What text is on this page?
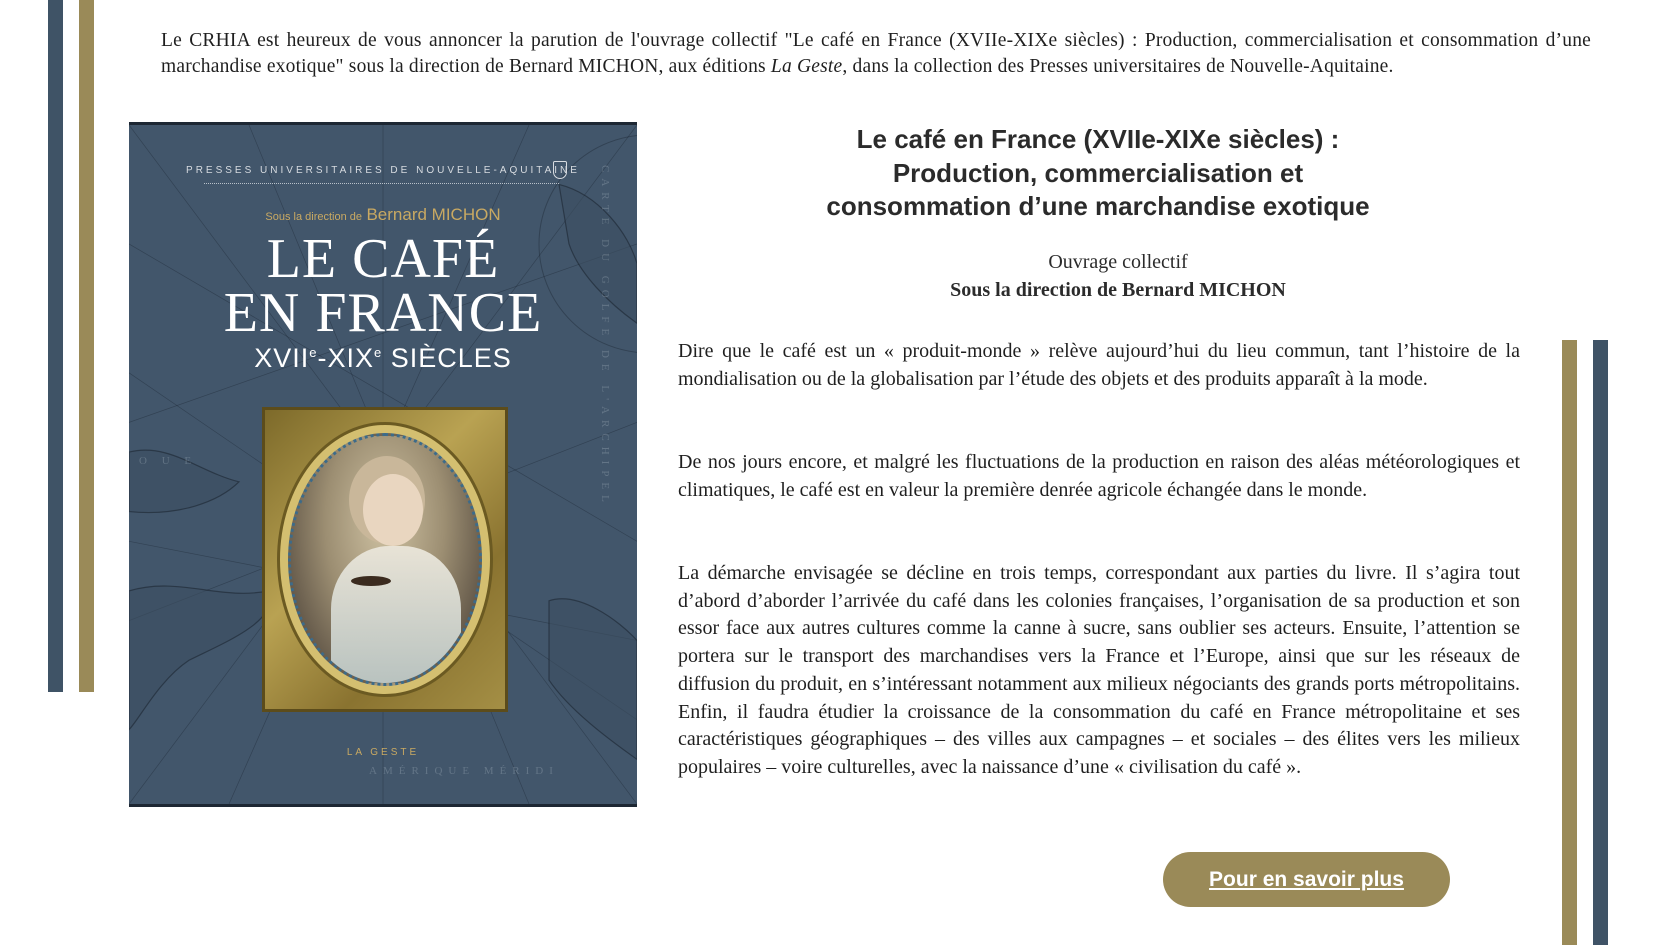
Le CRHIA est heureux de vous annoncer la parution de l'ouvrage collectif "Le café en France (XVIIe-XIXe siècles) : Production, commercialisation et consommation d’une marchandise exotique" sous la direction de Bernard MICHON, aux éditions La Geste, dans la collection des Presses universitaires de Nouvelle-Aquitaine.

O U E	CARTE DU GOLFE DE L'ARCHIPEL
AMÉRIQUE MÉRIDI
PRESSES UNIVERSITAIRES DE NOUVELLE-AQUITAINE
Sous la direction de Bernard MICHON
LE CAFÉ
EN FRANCE
XVIIe-XIXe SIÈCLES
LA GESTE
Le café en France (XVIIe-XIXe siècles) :
Production, commercialisation et
consommation d’une marchandise exotique
Ouvrage collectif
Sous la direction de Bernard MICHON

Dire que le café est un « produit-monde » relève aujourd’hui du lieu commun, tant l’histoire de la mondialisation ou de la globalisation par l’étude des objets et des produits apparaît à la mode.

De nos jours encore, et malgré les fluctuations de la production en raison des aléas météorologiques et climatiques, le café est en valeur la première denrée agricole échangée dans le monde.

La démarche envisagée se décline en trois temps, correspondant aux parties du livre. Il s’agira tout d’abord d’aborder l’arrivée du café dans les colonies françaises, l’organisation de sa production et son essor face aux autres cultures comme la canne à sucre, sans oublier ses acteurs. Ensuite, l’attention se portera sur le transport des marchandises vers la France et l’Europe, ainsi que sur les réseaux de diffusion du produit, en s’intéressant notamment aux milieux négociants des grands ports métropolitains. Enfin, il faudra étudier la croissance de la consommation du café en France métropolitaine et ses caractéristiques géographiques – des villes aux campagnes – et sociales – des élites vers les milieux populaires – voire culturelles, avec la naissance d’une « civilisation du café ».

Pour en savoir plus
